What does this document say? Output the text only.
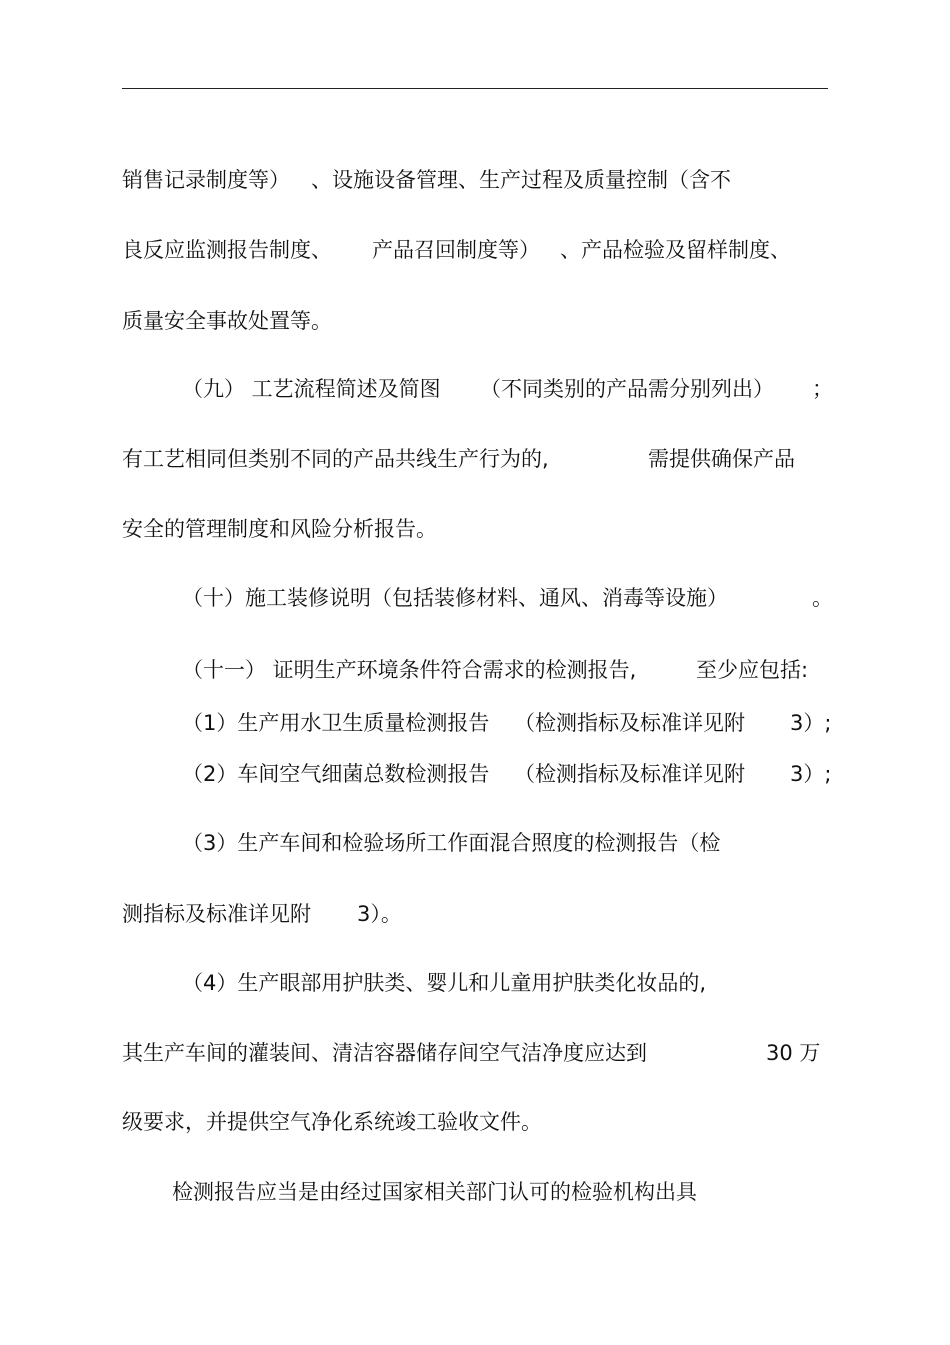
销售记录制度等）

、设施设备管理、生产过程及质量控制（含不

良反应监测报告制度、

产品召回制度等）

、产品检验及留样制度、

质量安全事故处置等。

（九） 工艺流程简述及简图

（不同类别的产品需分别列出）

；

有工艺相同但类别不同的产品共线生产行为的,

	需提供确保产品

安全的管理制度和风险分析报告。

（十）施工装修说明（包括装修材料、通风、消毒等设施）

	。

（十一） 证明生产环境条件符合需求的检测报告,

	至少应包括:

（1）生产用水卫生质量检测报告

（检测指标及标准详见附

3）;

（2）车间空气细菌总数检测报告

（检测指标及标准详见附

3）;

（3）生产车间和检验场所工作面混合照度的检测报告（检

测指标及标准详见附

3）。

（4）生产眼部用护肤类、婴儿和儿童用护肤类化妆品的,

其生产车间的灌装间、清洁容器储存间空气洁净度应达到

	30 万

级要求，并提供空气净化系统竣工验收文件。

检测报告应当是由经过国家相关部门认可的检验机构出具
